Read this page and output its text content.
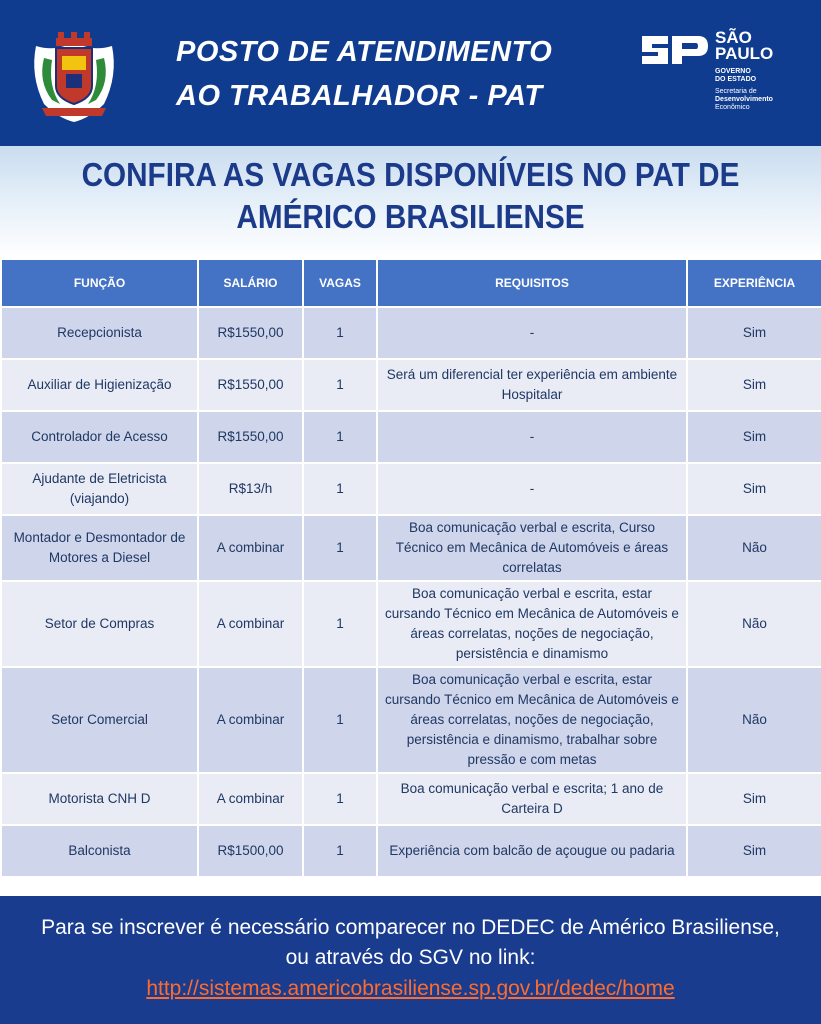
POSTO DE ATENDIMENTO
AO TRABALHADOR - PAT
SÃO
PAULO
GOVERNO
DO ESTADO
Secretaria de
Desenvolvimento
Econômico
CONFIRA AS VAGAS DISPONÍVEIS NO PAT DE
AMÉRICO BRASILIENSE
FUNÇÃO	SALÁRIO	VAGAS	REQUISITOS	EXPERIÊNCIA
Recepcionista	R$1550,00	1	-	Sim
Auxiliar de Higienização	R$1550,00	1	Será um diferencial ter experiência em ambiente Hospitalar	Sim
Controlador de Acesso	R$1550,00	1	-	Sim
Ajudante de Eletricista (viajando)	R$13/h	1	-	Sim
Montador e Desmontador de Motores a Diesel	A combinar	1	Boa comunicação verbal e escrita, Curso Técnico em Mecânica de Automóveis e áreas correlatas	Não
Setor de Compras	A combinar	1	Boa comunicação verbal e escrita, estar cursando Técnico em Mecânica de Automóveis e áreas correlatas, noções de negociação, persistência e dinamismo	Não
Setor Comercial	A combinar	1	Boa comunicação verbal e escrita, estar cursando Técnico em Mecânica de Automóveis e áreas correlatas, noções de negociação, persistência e dinamismo, trabalhar sobre pressão e com metas	Não
Motorista CNH D	A combinar	1	Boa comunicação verbal e escrita; 1 ano de Carteira D	Sim
Balconista	R$1500,00	1	Experiência com balcão de açougue ou padaria	Sim
Para se inscrever é necessário comparecer no DEDEC de Américo Brasiliense,
ou através do SGV no link:
http://sistemas.americobrasiliense.sp.gov.br/dedec/home
